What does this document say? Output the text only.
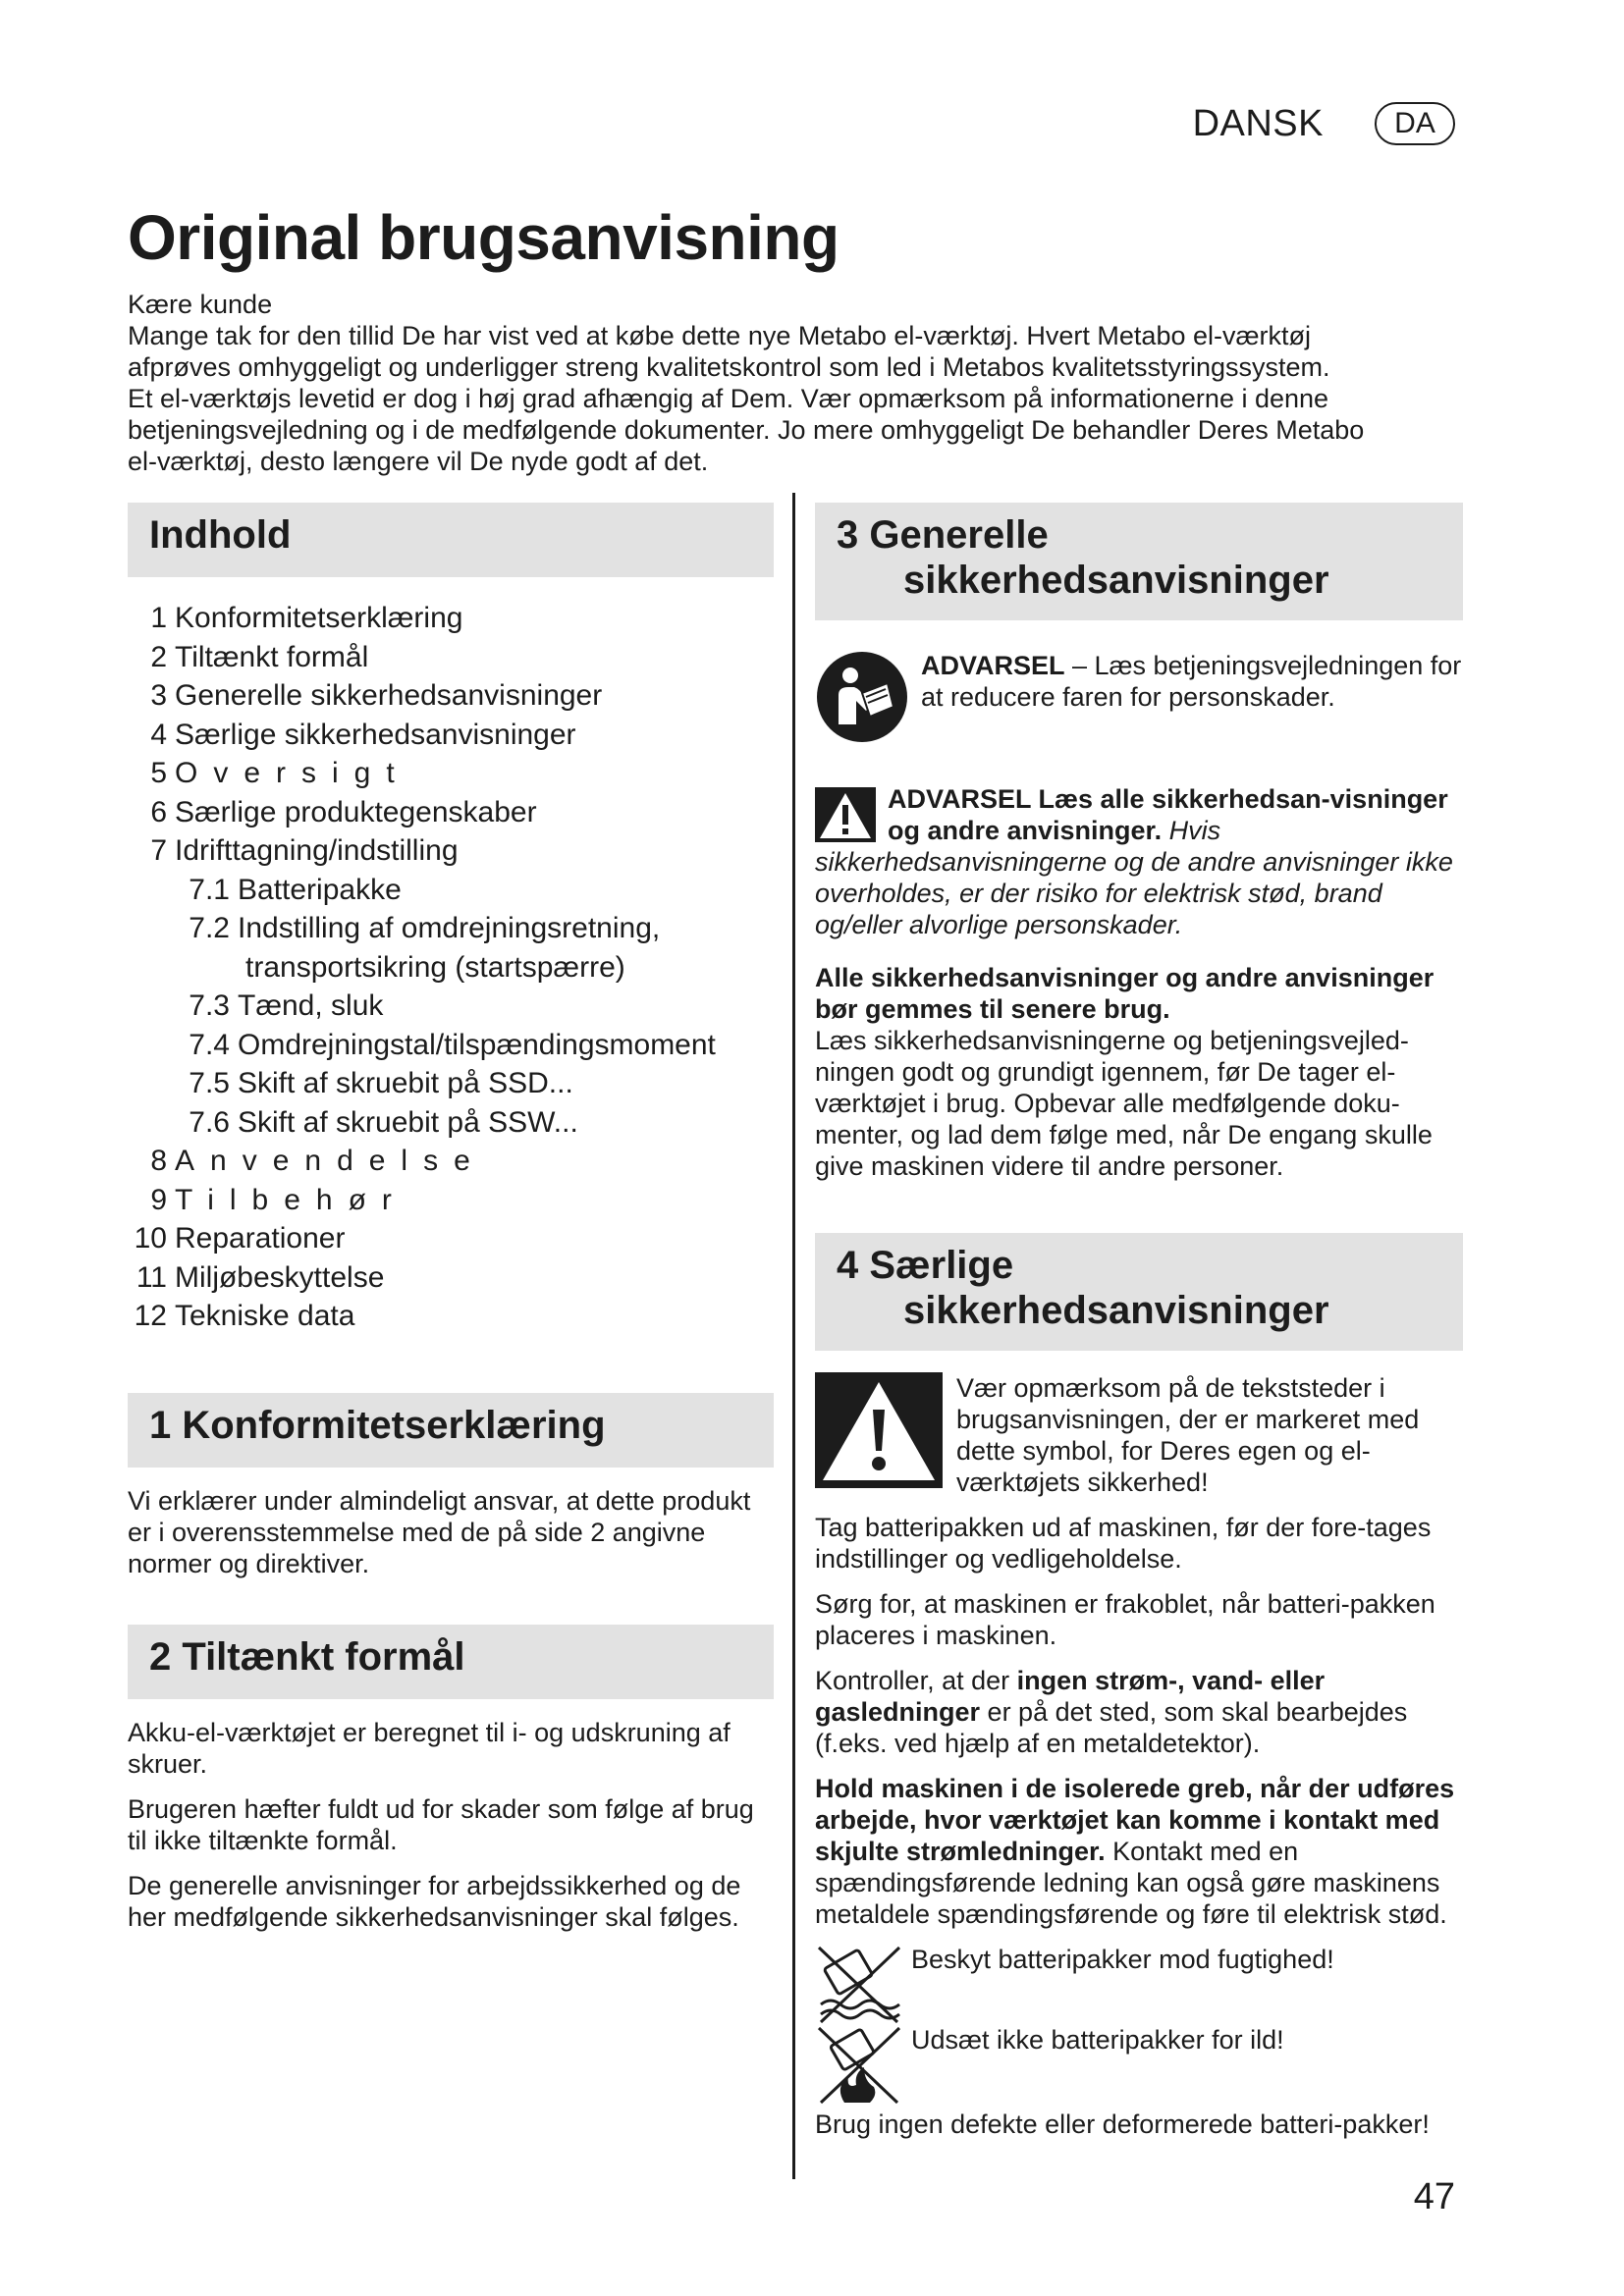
DANSK	DA
Original brugsanvisning

Kære kunde

Mange tak for den tillid De har vist ved at købe dette nye Metabo el-værktøj. Hvert Metabo el-værktøj

afprøves omhyggeligt og underligger streng kvalitetskontrol som led i Metabos kvalitetsstyringssystem.

Et el-værktøjs levetid er dog i høj grad afhængig af Dem. Vær opmærksom på informationerne i denne

betjeningsvejledning og i de medfølgende dokumenter. Jo mere omhyggeligt De behandler Deres Metabo

el-værktøj, desto længere vil De nyde godt af det.

Indhold
1 Konformitetserklæring
2 Tiltænkt formål
3 Generelle sikkerhedsanvisninger
4 Særlige sikkerhedsanvisninger
5 Oversigt
6 Særlige produktegenskaber
7 Idrifttagning/indstilling
7.1 Batteripakke
7.2 Indstilling af omdrejningsretning,
transportsikring (startspærre)
7.3 Tænd, sluk
7.4 Omdrejningstal/tilspændingsmoment
7.5 Skift af skruebit på SSD...
7.6 Skift af skruebit på SSW...
8 Anvendelse
9 Tilbehør
10 Reparationer
11 Miljøbeskyttelse
12 Tekniske data
1 Konformitetserklæring

Vi erklærer under almindeligt ansvar, at dette produkt er i overensstemmelse med de på side 2 angivne normer og direktiver.

2 Tiltænkt formål

Akku-el-værktøjet er beregnet til i- og udskruning af skruer.

Brugeren hæfter fuldt ud for skader som følge af brug til ikke tiltænkte formål.

De generelle anvisninger for arbejdssikkerhed og de her medfølgende sikkerhedsanvisninger skal følges.

3 Generelle
sikkerhedsanvisninger

ADVARSEL – Læs betjeningsvejledningen for at reducere faren for personskader.

ADVARSEL Læs alle sikkerhedsan-visninger og andre anvisninger. Hvis sikkerhedsanvisningerne og de andre anvisninger ikke overholdes, er der risiko for elektrisk stød, brand og/eller alvorlige personskader.

Alle sikkerhedsanvisninger og andre anvisninger bør gemmes til senere brug.

Læs sikkerhedsanvisningerne og betjeningsvejled-ningen godt og grundigt igennem, før De tager el-værktøjet i brug. Opbevar alle medfølgende doku-menter, og lad dem følge med, når De engang skulle give maskinen videre til andre personer.

4 Særlige
sikkerhedsanvisninger

Vær opmærksom på de tekststeder i brugsanvisningen, der er markeret med dette symbol, for Deres egen og el-værktøjets sikkerhed!

Tag batteripakken ud af maskinen, før der fore-tages indstillinger og vedligeholdelse.

Sørg for, at maskinen er frakoblet, når batteri-pakken placeres i maskinen.

Kontroller, at der ingen strøm-, vand- eller gasledninger er på det sted, som skal bearbejdes (f.eks. ved hjælp af en metaldetektor).

Hold maskinen i de isolerede greb, når der udføres arbejde, hvor værktøjet kan komme i kontakt med skjulte strømledninger. Kontakt med en spændingsførende ledning kan også gøre maskinens metaldele spændingsførende og føre til elektrisk stød.

Beskyt batteripakker mod fugtighed!

Udsæt ikke batteripakker for ild!

Brug ingen defekte eller deformerede batteri-pakker!

47
